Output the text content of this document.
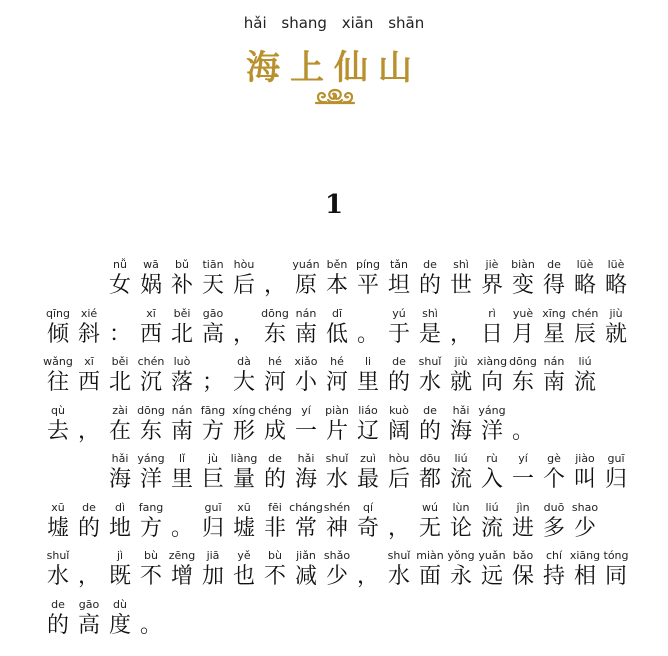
hǎi shang xiān shān
海上仙山
1
nǚ
女
wā
娲
bǔ
补
tiān
天
hòu
后 ，
yuán
原
běn
本
píng
平
tǎn
坦
de
的
shì
世
jiè
界
biàn
变
de
得
lüè
略
lüè
略
qīng
倾
xié
斜 ：
xī
西
běi
北
gāo
高 ，
dōng
东
nán
南
dī
低 。
yú
于
shì
是 ，
rì
日
yuè
月
xīng
星
chén
辰
jiù
就
wǎng
往
xī
西
běi
北
chén
沉
luò
落 ；
dà
大
hé
河
xiǎo
小
hé
河
li
里
de
的
shuǐ
水
jiù
就
xiàng
向
dōng
东
nán
南
liú
流
qù
去 ，
zài
在
dōng
东
nán
南
fāng
方
xíng
形
chéng
成
yí
一
piàn
片
liáo
辽
kuò
阔
de
的
hǎi
海
yáng
洋 。
hǎi
海
yáng
洋
lǐ
里
jù
巨
liàng
量
de
的
hǎi
海
shuǐ
水
zuì
最
hòu
后
dōu
都
liú
流
rù
入
yí
一
gè
个
jiào
叫
guī
归
xū
墟
de
的
dì
地
fang
方 。
guī
归
xū
墟
fēi
非
cháng
常
shén
神
qí
奇 ，
wú
无
lùn
论
liú
流
jìn
进
duō
多
shao
少
shuǐ
水 ，
jì
既
bù
不
zēng
增
jiā
加
yě
也
bù
不
jiǎn
减
shǎo
少 ，
shuǐ
水
miàn
面
yǒng
永
yuǎn
远
bǎo
保
chí
持
xiāng
相
tóng
同
de
的
gāo
高
dù
度 。
